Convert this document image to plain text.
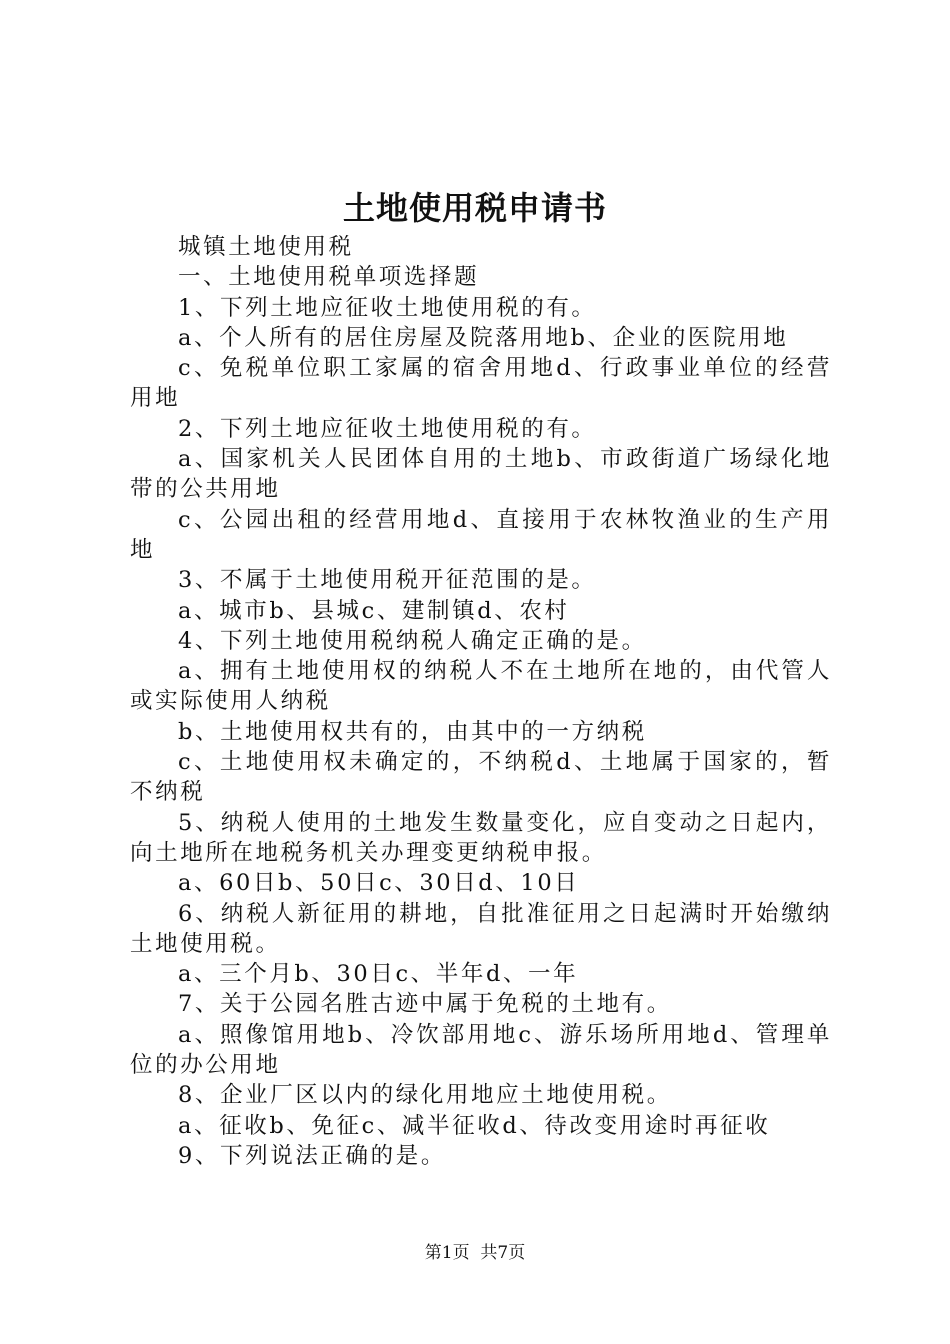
土地使用税申请书

城镇土地使用税

一、土地使用税单项选择题

1、下列土地应征收土地使用税的有。

a、个人所有的居住房屋及院落用地b、企业的医院用地

c、免税单位职工家属的宿舍用地d、行政事业单位的经营用地

2、下列土地应征收土地使用税的有。

a、国家机关人民团体自用的土地b、市政街道广场绿化地带的公共用地

c、公园出租的经营用地d、直接用于农林牧渔业的生产用地

3、不属于土地使用税开征范围的是。

a、城市b、县城c、建制镇d、农村

4、下列土地使用税纳税人确定正确的是。

a、拥有土地使用权的纳税人不在土地所在地的，由代管人或实际使用人纳税

b、土地使用权共有的，由其中的一方纳税

c、土地使用权未确定的，不纳税d、土地属于国家的，暂不纳税

5、纳税人使用的土地发生数量变化，应自变动之日起内，向土地所在地税务机关办理变更纳税申报。

a、60日b、50日c、30日d、10日

6、纳税人新征用的耕地，自批准征用之日起满时开始缴纳土地使用税。

a、三个月b、30日c、半年d、一年

7、关于公园名胜古迹中属于免税的土地有。

a、照像馆用地b、冷饮部用地c、游乐场所用地d、管理单位的办公用地

8、企业厂区以内的绿化用地应土地使用税。

a、征收b、免征c、减半征收d、待改变用途时再征收

9、下列说法正确的是。

第1页 共7页
